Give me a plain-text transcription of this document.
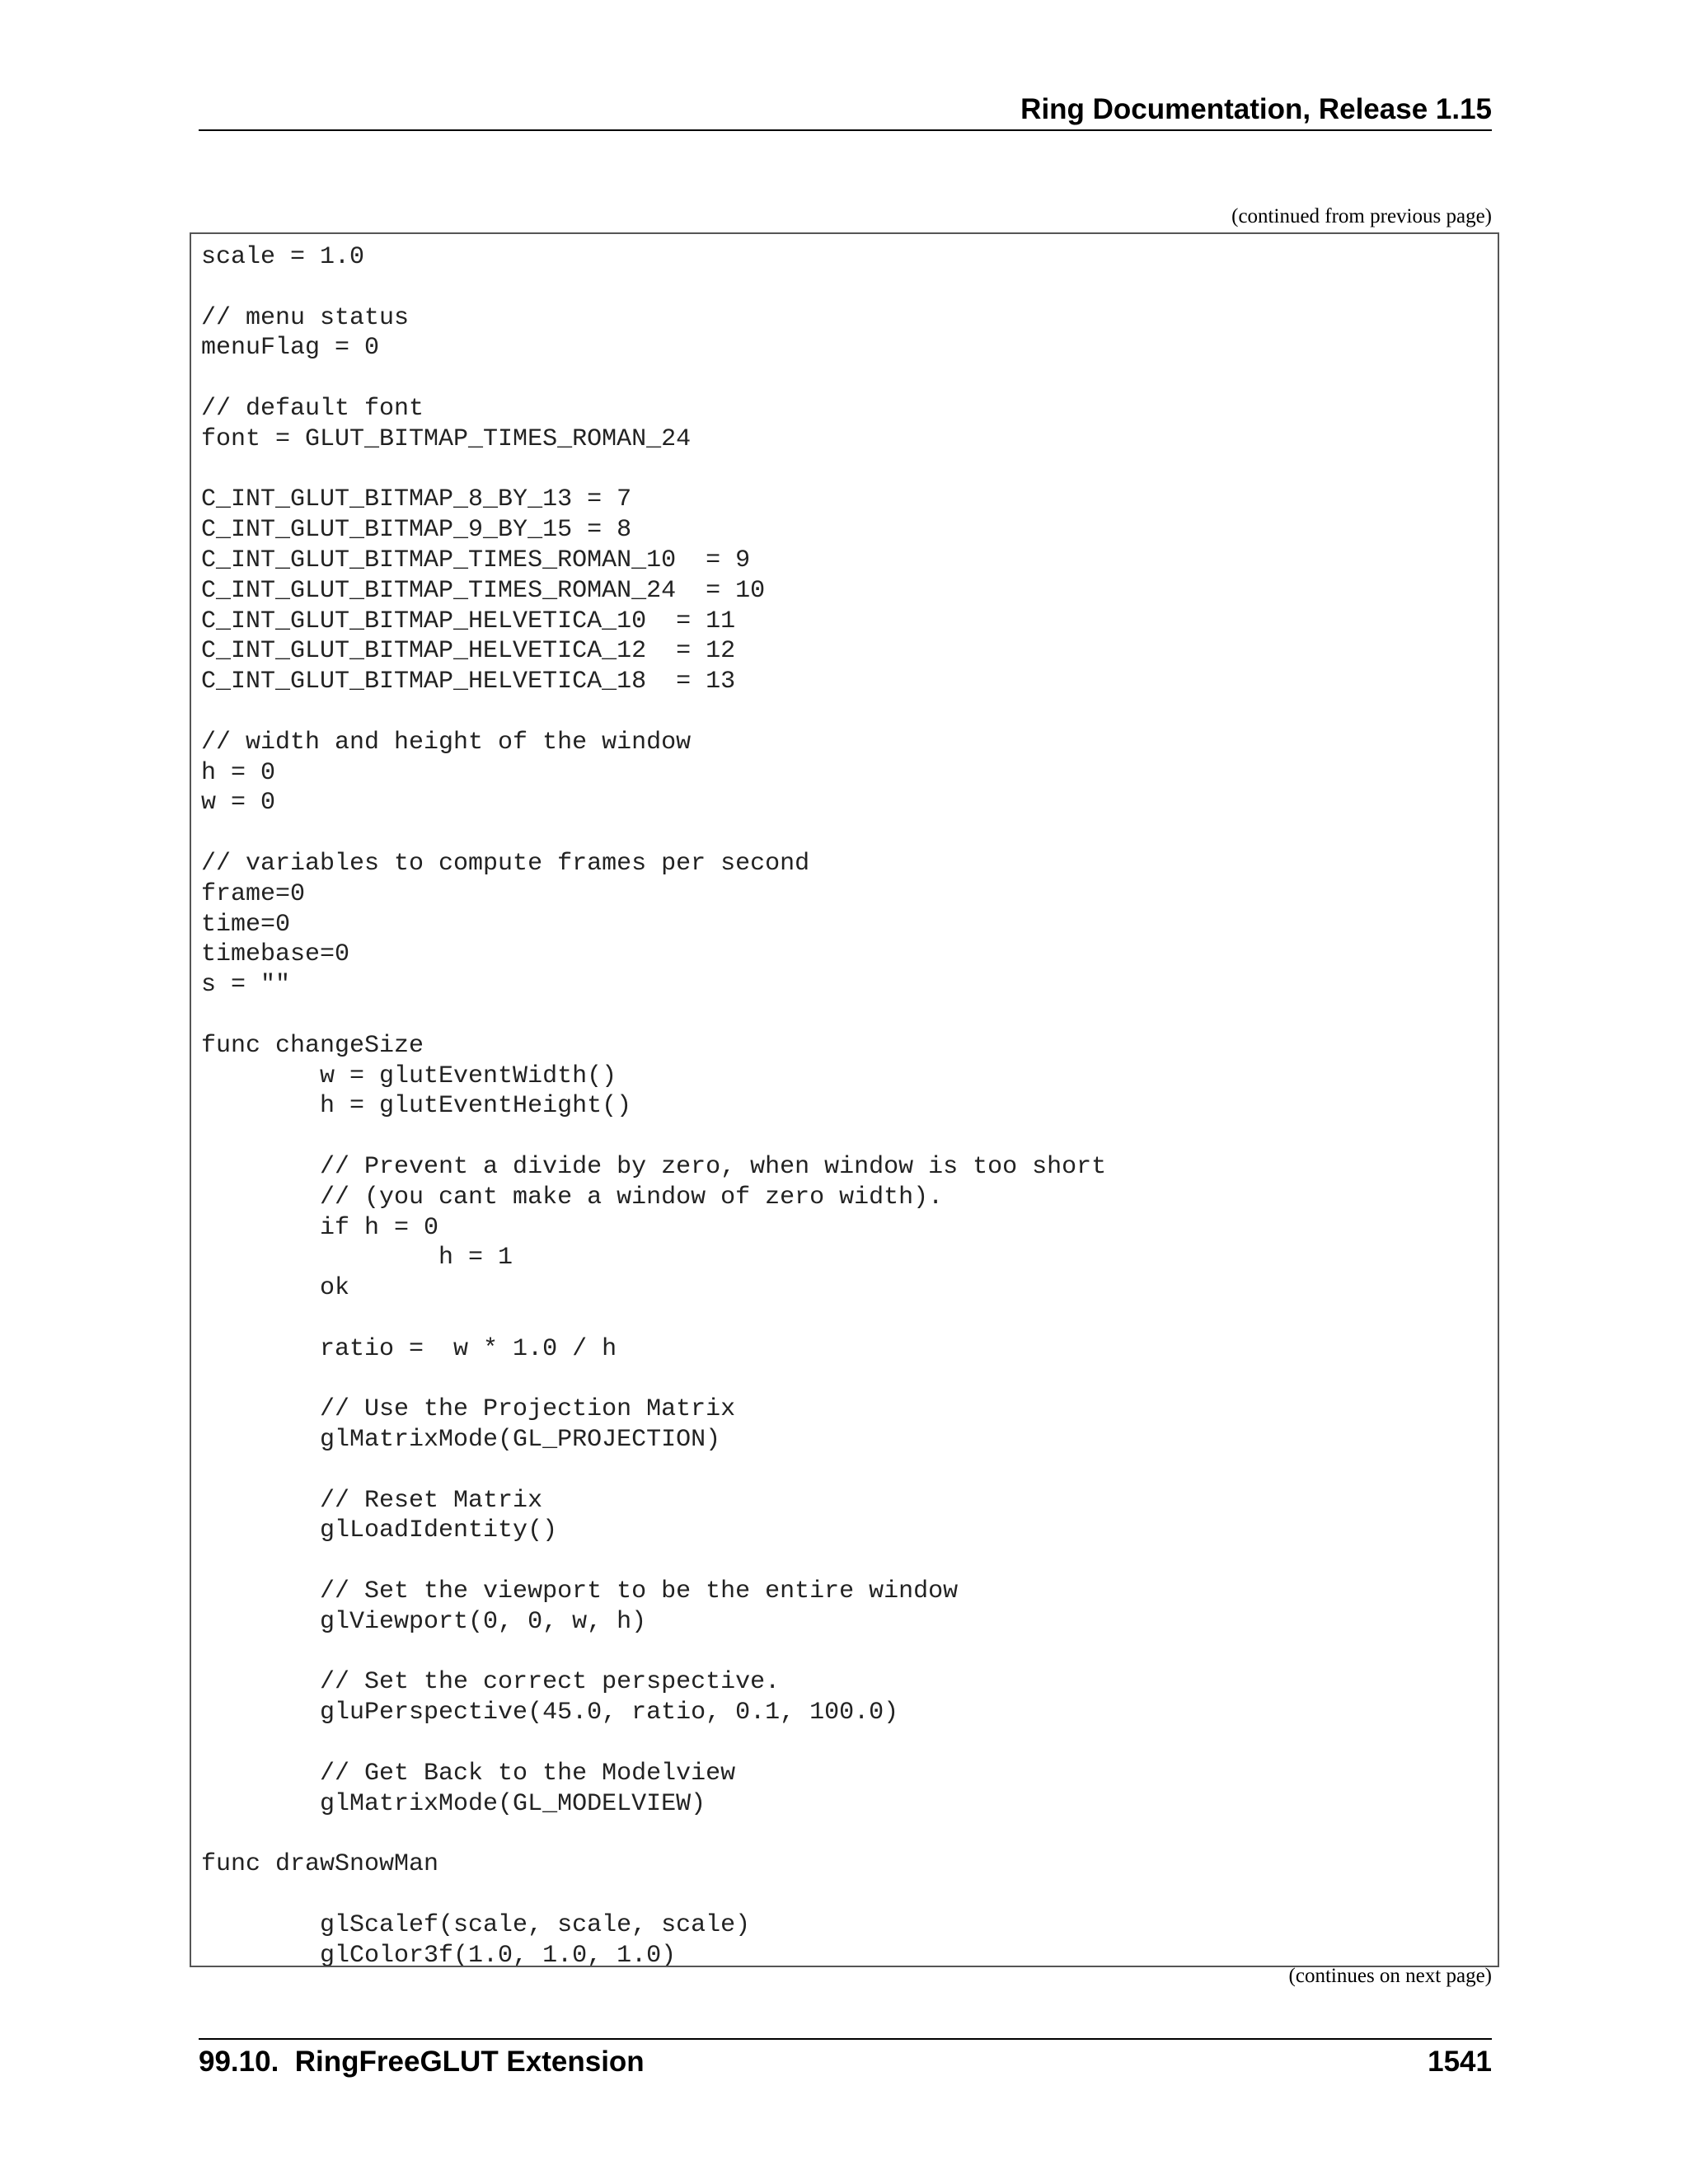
Ring Documentation, Release 1.15
(continued from previous page)
scale = 1.0
// menu status
menuFlag = 0
// default font
font = GLUT_BITMAP_TIMES_ROMAN_24
C_INT_GLUT_BITMAP_8_BY_13 = 7
C_INT_GLUT_BITMAP_9_BY_15 = 8
C_INT_GLUT_BITMAP_TIMES_ROMAN_10  = 9
C_INT_GLUT_BITMAP_TIMES_ROMAN_24  = 10
C_INT_GLUT_BITMAP_HELVETICA_10  = 11
C_INT_GLUT_BITMAP_HELVETICA_12  = 12
C_INT_GLUT_BITMAP_HELVETICA_18  = 13
// width and height of the window
h = 0
w = 0
// variables to compute frames per second
frame=0
time=0
timebase=0
s = ""
func changeSize
w = glutEventWidth()
h = glutEventHeight()
// Prevent a divide by zero, when window is too short
// (you cant make a window of zero width).
if h = 0
h = 1
ok
ratio =  w * 1.0 / h
// Use the Projection Matrix
glMatrixMode(GL_PROJECTION)
// Reset Matrix
glLoadIdentity()
// Set the viewport to be the entire window
glViewport(0, 0, w, h)
// Set the correct perspective.
gluPerspective(45.0, ratio, 0.1, 100.0)
// Get Back to the Modelview
glMatrixMode(GL_MODELVIEW)
func drawSnowMan
glScalef(scale, scale, scale)
glColor3f(1.0, 1.0, 1.0)
(continues on next page)
99.10.  RingFreeGLUT Extension	1541
